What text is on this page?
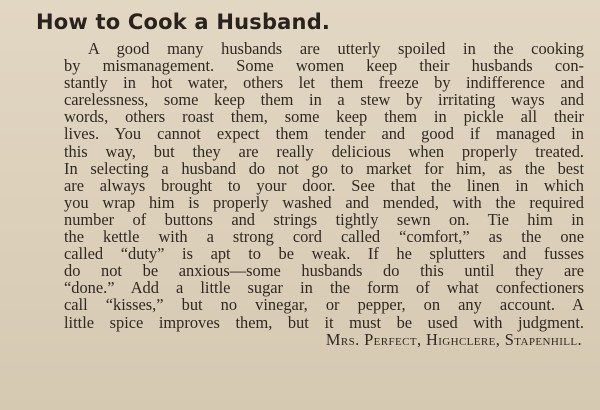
How to Cook a Husband.
A good many husbands are utterly spoiled in the cooking
by mismanagement. Some women keep their husbands con-
stantly in hot water, others let them freeze by indifference and
carelessness, some keep them in a stew by irritating ways and
words, others roast them, some keep them in pickle all their
lives. You cannot expect them tender and good if managed in
this way, but they are really delicious when properly treated.
In selecting a husband do not go to market for him, as the best
are always brought to your door. See that the linen in which
you wrap him is properly washed and mended, with the required
number of buttons and strings tightly sewn on. Tie him in
the kettle with a strong cord called “comfort,” as the one
called “duty” is apt to be weak. If he splutters and fusses
do not be anxious—some husbands do this until they are
“done.” Add a little sugar in the form of what confectioners
call “kisses,” but no vinegar, or pepper, on any account. A
little spice improves them, but it must be used with judgment.
Mrs. Perfect, Highclere, Stapenhill.
